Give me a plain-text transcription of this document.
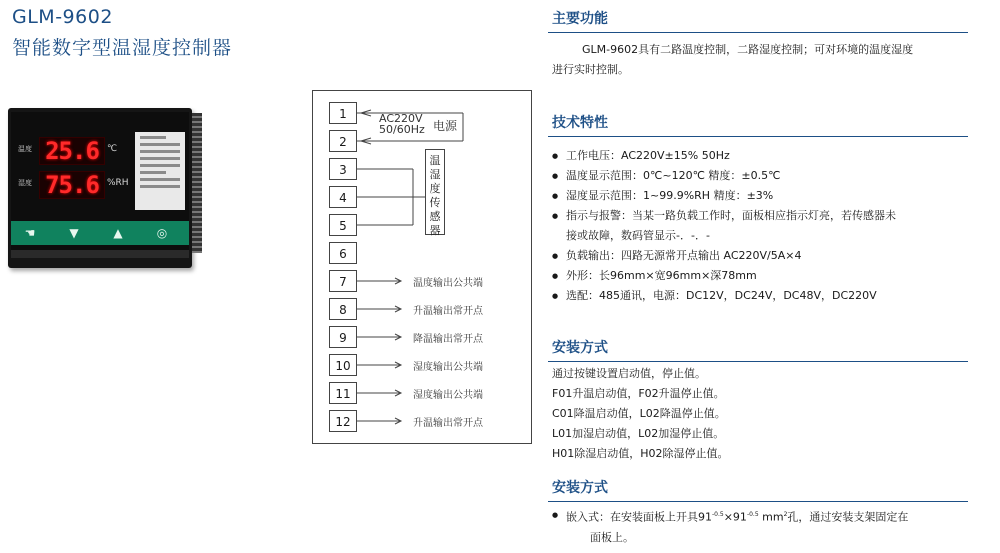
GLM-9602
智能数字型温湿度控制器
温度 25.6 ℃
湿度 75.6 %RH
☚	▼	▲	◎
1
2
3
4
5
6
7
8
9
10
11
12
AC220V
50/60Hz 电源
温湿度传感器
温度输出公共端
升温输出常开点
降温输出常开点
湿度输出公共端
湿度输出公共端
升温输出常开点
主要功能
GLM-9602具有二路温度控制，二路湿度控制；可对环境的温度湿度
进行实时控制。
技术特性
● 工作电压：AC220V±15% 50Hz
● 温度显示范围：0℃~120℃ 精度：±0.5℃
● 湿度显示范围：1~99.9%RH 精度：±3%
● 指示与报警：当某一路负载工作时，面板相应指示灯亮，若传感器未
接或故障，数码管显示-．-．-
● 负载输出：四路无源常开点输出 AC220V/5A×4
● 外形：长96mm×宽96mm×深78mm
● 选配：485通讯，电源：DC12V，DC24V，DC48V，DC220V
安装方式
通过按键设置启动值，停止值。
F01升温启动值，F02升温停止值。
C01降温启动值，L02降温停止值。
L01加湿启动值，L02加湿停止值。
H01除湿启动值，H02除湿停止值。
安装方式
● 嵌入式：在安装面板上开具$91^{-0.5}\times 91^{-0.5}$ $mm^2$孔，通过安装支架固定在
面板上。
